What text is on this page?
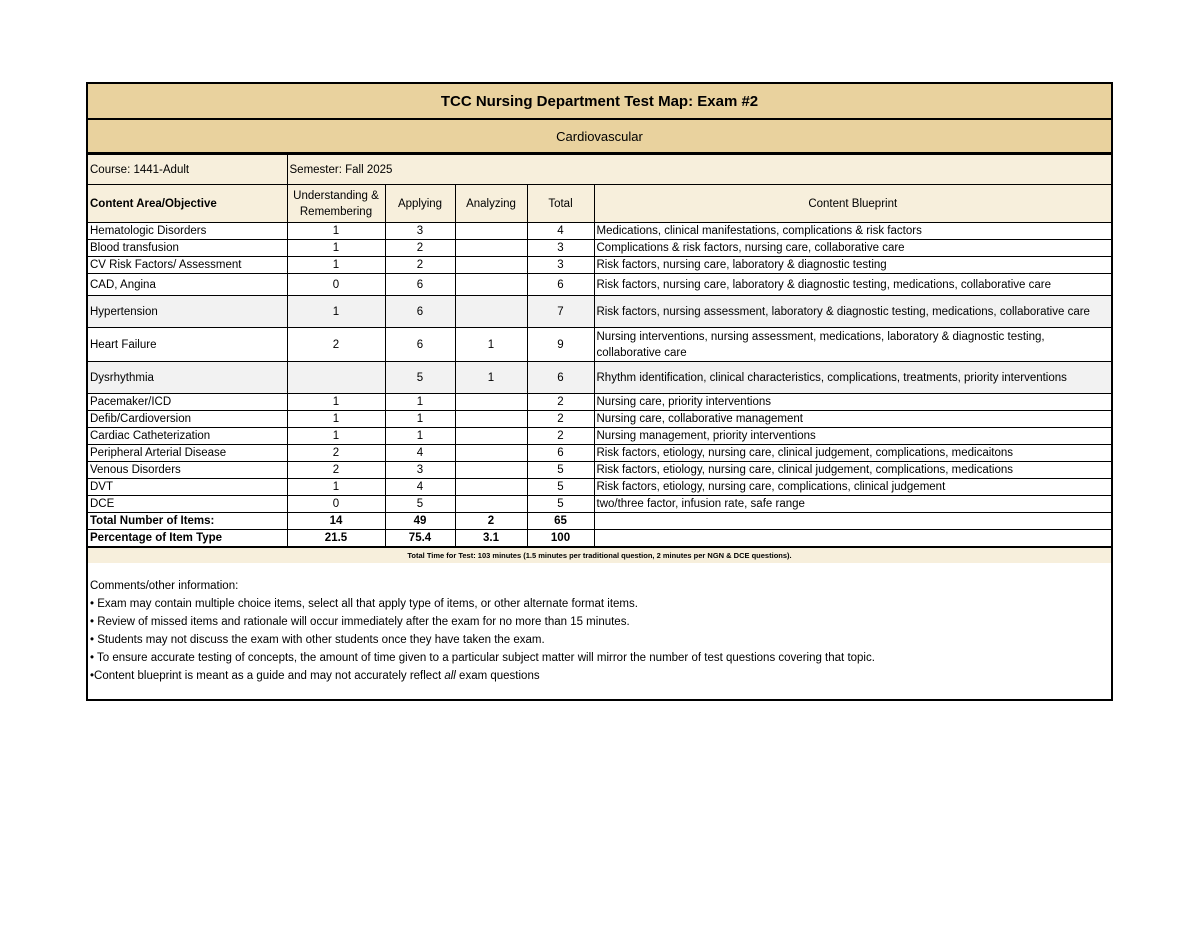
TCC Nursing Department Test Map: Exam #2
Cardiovascular
Course: 1441-Adult	Semester: Fall 2025				
Content Area/Objective	Understanding & Remembering	Applying	Analyzing	Total	Content Blueprint
Hematologic Disorders	1	3		4	Medications, clinical manifestations, complications & risk factors
Blood transfusion	1	2		3	Complications & risk factors, nursing care, collaborative care
CV Risk Factors/ Assessment	1	2		3	Risk factors, nursing care, laboratory & diagnostic testing
CAD, Angina	0	6		6	Risk factors, nursing care, laboratory & diagnostic testing, medications, collaborative care
Hypertension	1	6		7	Risk factors, nursing assessment, laboratory & diagnostic testing, medications, collaborative care
Heart Failure	2	6	1	9	Nursing interventions, nursing assessment, medications, laboratory & diagnostic testing, collaborative care
Dysrhythmia		5	1	6	Rhythm identification, clinical characteristics, complications, treatments, priority interventions
Pacemaker/ICD	1	1		2	Nursing care, priority interventions
Defib/Cardioversion	1	1		2	Nursing care, collaborative management
Cardiac Catheterization	1	1		2	Nursing management, priority interventions
Peripheral Arterial Disease	2	4		6	Risk factors, etiology, nursing care, clinical judgement, complications, medicaitons
Venous Disorders	2	3		5	Risk factors, etiology, nursing care, clinical judgement, complications, medications
DVT	1	4		5	Risk factors, etiology, nursing care, complications, clinical judgement
DCE	0	5		5	two/three factor, infusion rate, safe range
Total Number of Items:	14	49	2	65	
Percentage of Item Type	21.5	75.4	3.1	100	
Total Time for Test: 103 minutes (1.5 minutes per traditional question, 2 minutes per NGN & DCE questions).
Comments/other information:
• Exam may contain multiple choice items, select all that apply type of items, or other alternate format items.
• Review of missed items and rationale will occur immediately after the exam for no more than 15 minutes.
• Students may not discuss the exam with other students once they have taken the exam.
• To ensure accurate testing of concepts, the amount of time given to a particular subject matter will mirror the number of test questions covering that topic.
•Content blueprint is meant as a guide and may not accurately reflect all exam questions
